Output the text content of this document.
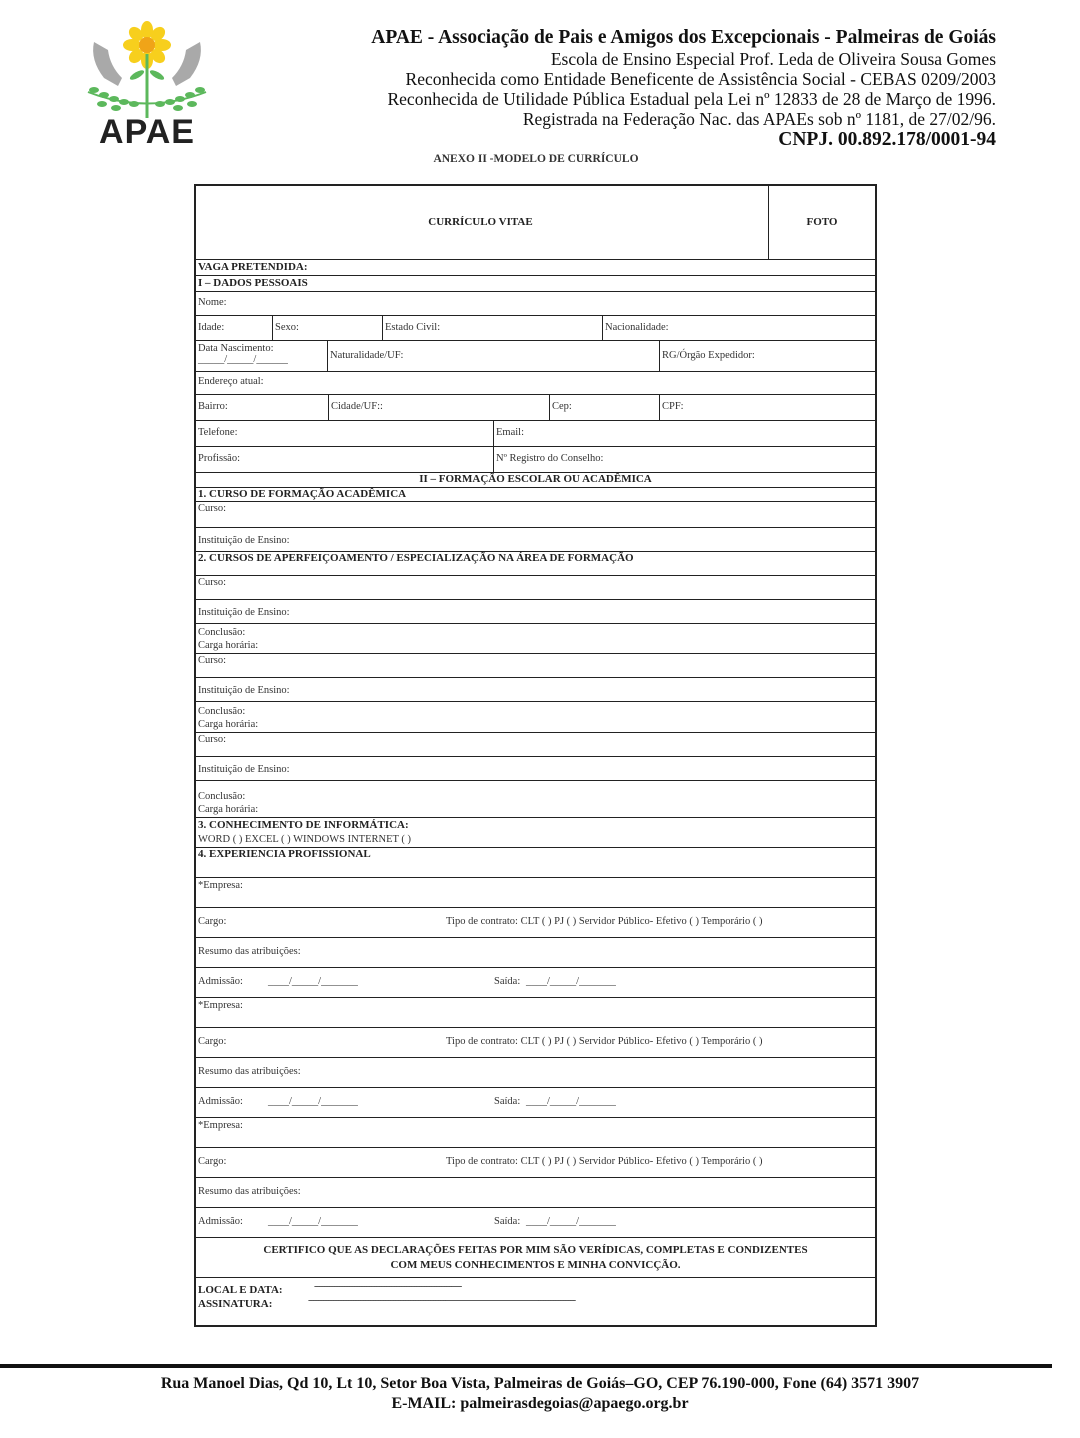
APAE
APAE - Associação de Pais e Amigos dos Excepcionais - Palmeiras de Goiás
Escola de Ensino Especial Prof. Leda de Oliveira Sousa Gomes
Reconhecida como Entidade Beneficente de Assistência Social - CEBAS 0209/2003
Reconhecida de Utilidade Pública Estadual pela Lei nº 12833 de 28 de Março de 1996.
Registrada na Federação Nac. das APAEs sob nº 1181, de 27/02/96.
CNPJ. 00.892.178/0001-94
ANEXO II -MODELO DE CURRÍCULO
CURRÍCULO VITAE	FOTO
VAGA PRETENDIDA:
I – DADOS PESSOAIS
Nome:
Idade:	Sexo:	Estado Civil:	Nacionalidade:
Data Nascimento:
_____/_____/______	Naturalidade/UF:	RG/Órgão Expedidor:
Endereço atual:
Bairro:	Cidade/UF::	Cep:	CPF:
Telefone:	Email:
Profissão:	Nº Registro do Conselho:
II – FORMAÇÃO ESCOLAR OU ACADÊMICA
1. CURSO DE FORMAÇÃO ACADÊMICA
Curso:
Instituição de Ensino:
2. CURSOS DE APERFEIÇOAMENTO / ESPECIALIZAÇÃO NA ÁREA DE FORMAÇÃO
Curso:
Instituição de Ensino:
Conclusão:
Carga horária:
Curso:
Instituição de Ensino:
Conclusão:
Carga horária:
Curso:
Instituição de Ensino:
Conclusão:
Carga horária:
3. CONHECIMENTO DE INFORMÁTICA:
WORD ( ) EXCEL ( ) WINDOWS INTERNET ( )
4. EXPERIENCIA PROFISSIONAL
*Empresa:
Cargo:	Tipo de contrato: CLT ( ) PJ ( ) Servidor Público- Efetivo ( ) Temporário ( )
Resumo das atribuições:
Admissão: ____/_____/_______	Saída: ____/_____/_______
*Empresa:
Cargo:	Tipo de contrato: CLT ( ) PJ ( ) Servidor Público- Efetivo ( ) Temporário ( )
Resumo das atribuições:
Admissão: ____/_____/_______	Saída: ____/_____/_______
*Empresa:
Cargo:	Tipo de contrato: CLT ( ) PJ ( ) Servidor Público- Efetivo ( ) Temporário ( )
Resumo das atribuições:
Admissão: ____/_____/_______	Saída: ____/_____/_______
CERTIFICO QUE AS DECLARAÇÕES FEITAS POR MIM SÃO VERÍDICAS, COMPLETAS E CONDIZENTES
COM MEUS CONHECIMENTOS E MINHA CONVICÇÃO.
LOCAL E DATA:	-----------------------------------------------------------
ASSINATURA:	-----------------------------------------------------------------------------------------------------------
Rua Manoel Dias, Qd 10, Lt 10, Setor Boa Vista, Palmeiras de Goiás–GO, CEP 76.190-000, Fone (64) 3571 3907
E-MAIL: palmeirasdegoias@apaego.org.br
